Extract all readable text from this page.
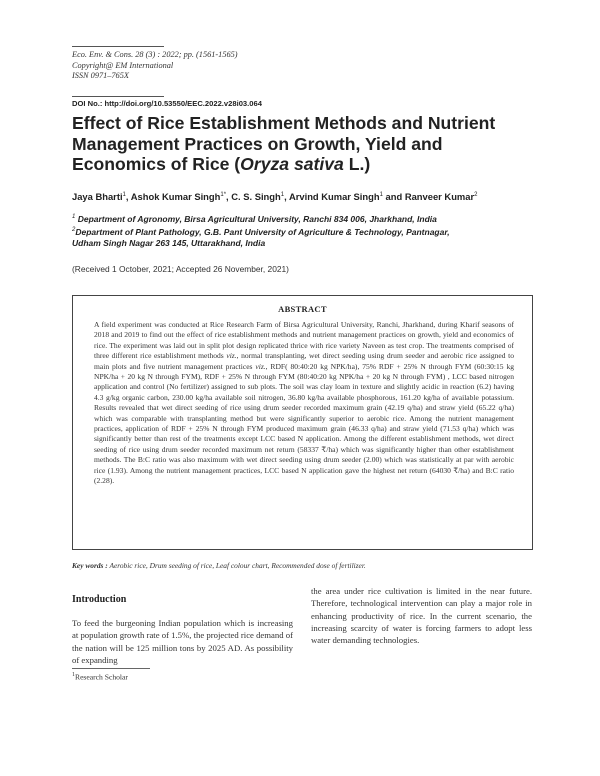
Eco. Env. & Cons. 28 (3) : 2022; pp. (1561-1565)
Copyright@ EM International
ISSN 0971–765X
DOI No.: http://doi.org/10.53550/EEC.2022.v28i03.064
Effect of Rice Establishment Methods and Nutrient
Management Practices on Growth, Yield and
Economics of Rice (Oryza sativa L.)
Jaya Bharti$^1$, Ashok Kumar Singh$^{1*}$, C. S. Singh$^1$, Arvind Kumar Singh$^1$ and Ranveer Kumar$^2$
$^1$ Department of Agronomy, Birsa Agricultural University, Ranchi 834 006, Jharkhand, India
$^2$Department of Plant Pathology, G.B. Pant University of Agriculture & Technology, Pantnagar,
Udham Singh Nagar 263 145, Uttarakhand, India
(Received 1 October, 2021; Accepted 26 November, 2021)
ABSTRACT
A field experiment was conducted at Rice Research Farm of Birsa Agricultural University, Ranchi, Jharkhand, during Kharif seasons of 2018 and 2019 to find out the effect of rice establishment methods and nutrient management practices on growth, yield and economics of rice. The experiment was laid out in split plot design replicated thrice with rice variety Naveen as test crop. The treatments comprised of three different rice establishment methods viz., normal transplanting, wet direct seeding using drum seeder and aerobic rice assigned to main plots and five nutrient management practices viz., RDF( 80:40:20 kg NPK/ha), 75% RDF + 25% N through FYM (60:30:15 kg NPK/ha + 20 kg N through FYM), RDF + 25% N through FYM (80:40:20 kg NPK/ha + 20 kg N through FYM) , LCC based nitrogen application and control (No fertilizer) assigned to sub plots. The soil was clay loam in texture and slightly acidic in reaction (6.2) having 4.3 g/kg organic carbon, 230.00 kg/ha available soil nitrogen, 36.80 kg/ha available phosphorous, 161.20 kg/ha of available potassium. Results revealed that wet direct seeding of rice using drum seeder recorded maximum grain (42.19 q/ha) and straw yield (65.22 q/ha) which was comparable with transplanting method but were significantly superior to aerobic rice. Among the nutrient management practices, application of RDF + 25% N through FYM produced maximum grain (46.33 q/ha) and straw yield (71.53 q/ha) which was significantly better than rest of the treatments except LCC based N application. Among the different establishment methods, wet direct seeding of rice using drum seeder recorded maximum net return (58337 ₹/ha) which was significantly higher than other establishment methods. The B:C ratio was also maximum with wet direct seeding using drum seeder (2.00) which was statistically at par with aerobic rice (1.93). Among the nutrient management practices, LCC based N application gave the highest net return (64030 ₹/ha) and B:C ratio (2.28).
Key words : Aerobic rice, Drum seeding of rice, Leaf colour chart, Recommended dose of fertilizer.
Introduction
To feed the burgeoning Indian population which is increasing at population growth rate of 1.5%, the projected rice demand of the nation will be 125 million tons by 2025 AD. As possibility of expanding
the area under rice cultivation is limited in the near future. Therefore, technological intervention can play a major role in enhancing productivity of rice. In the current scenario, the increasing scarcity of water is forcing farmers to adopt less water demanding technologies.
$^1$Research Scholar
